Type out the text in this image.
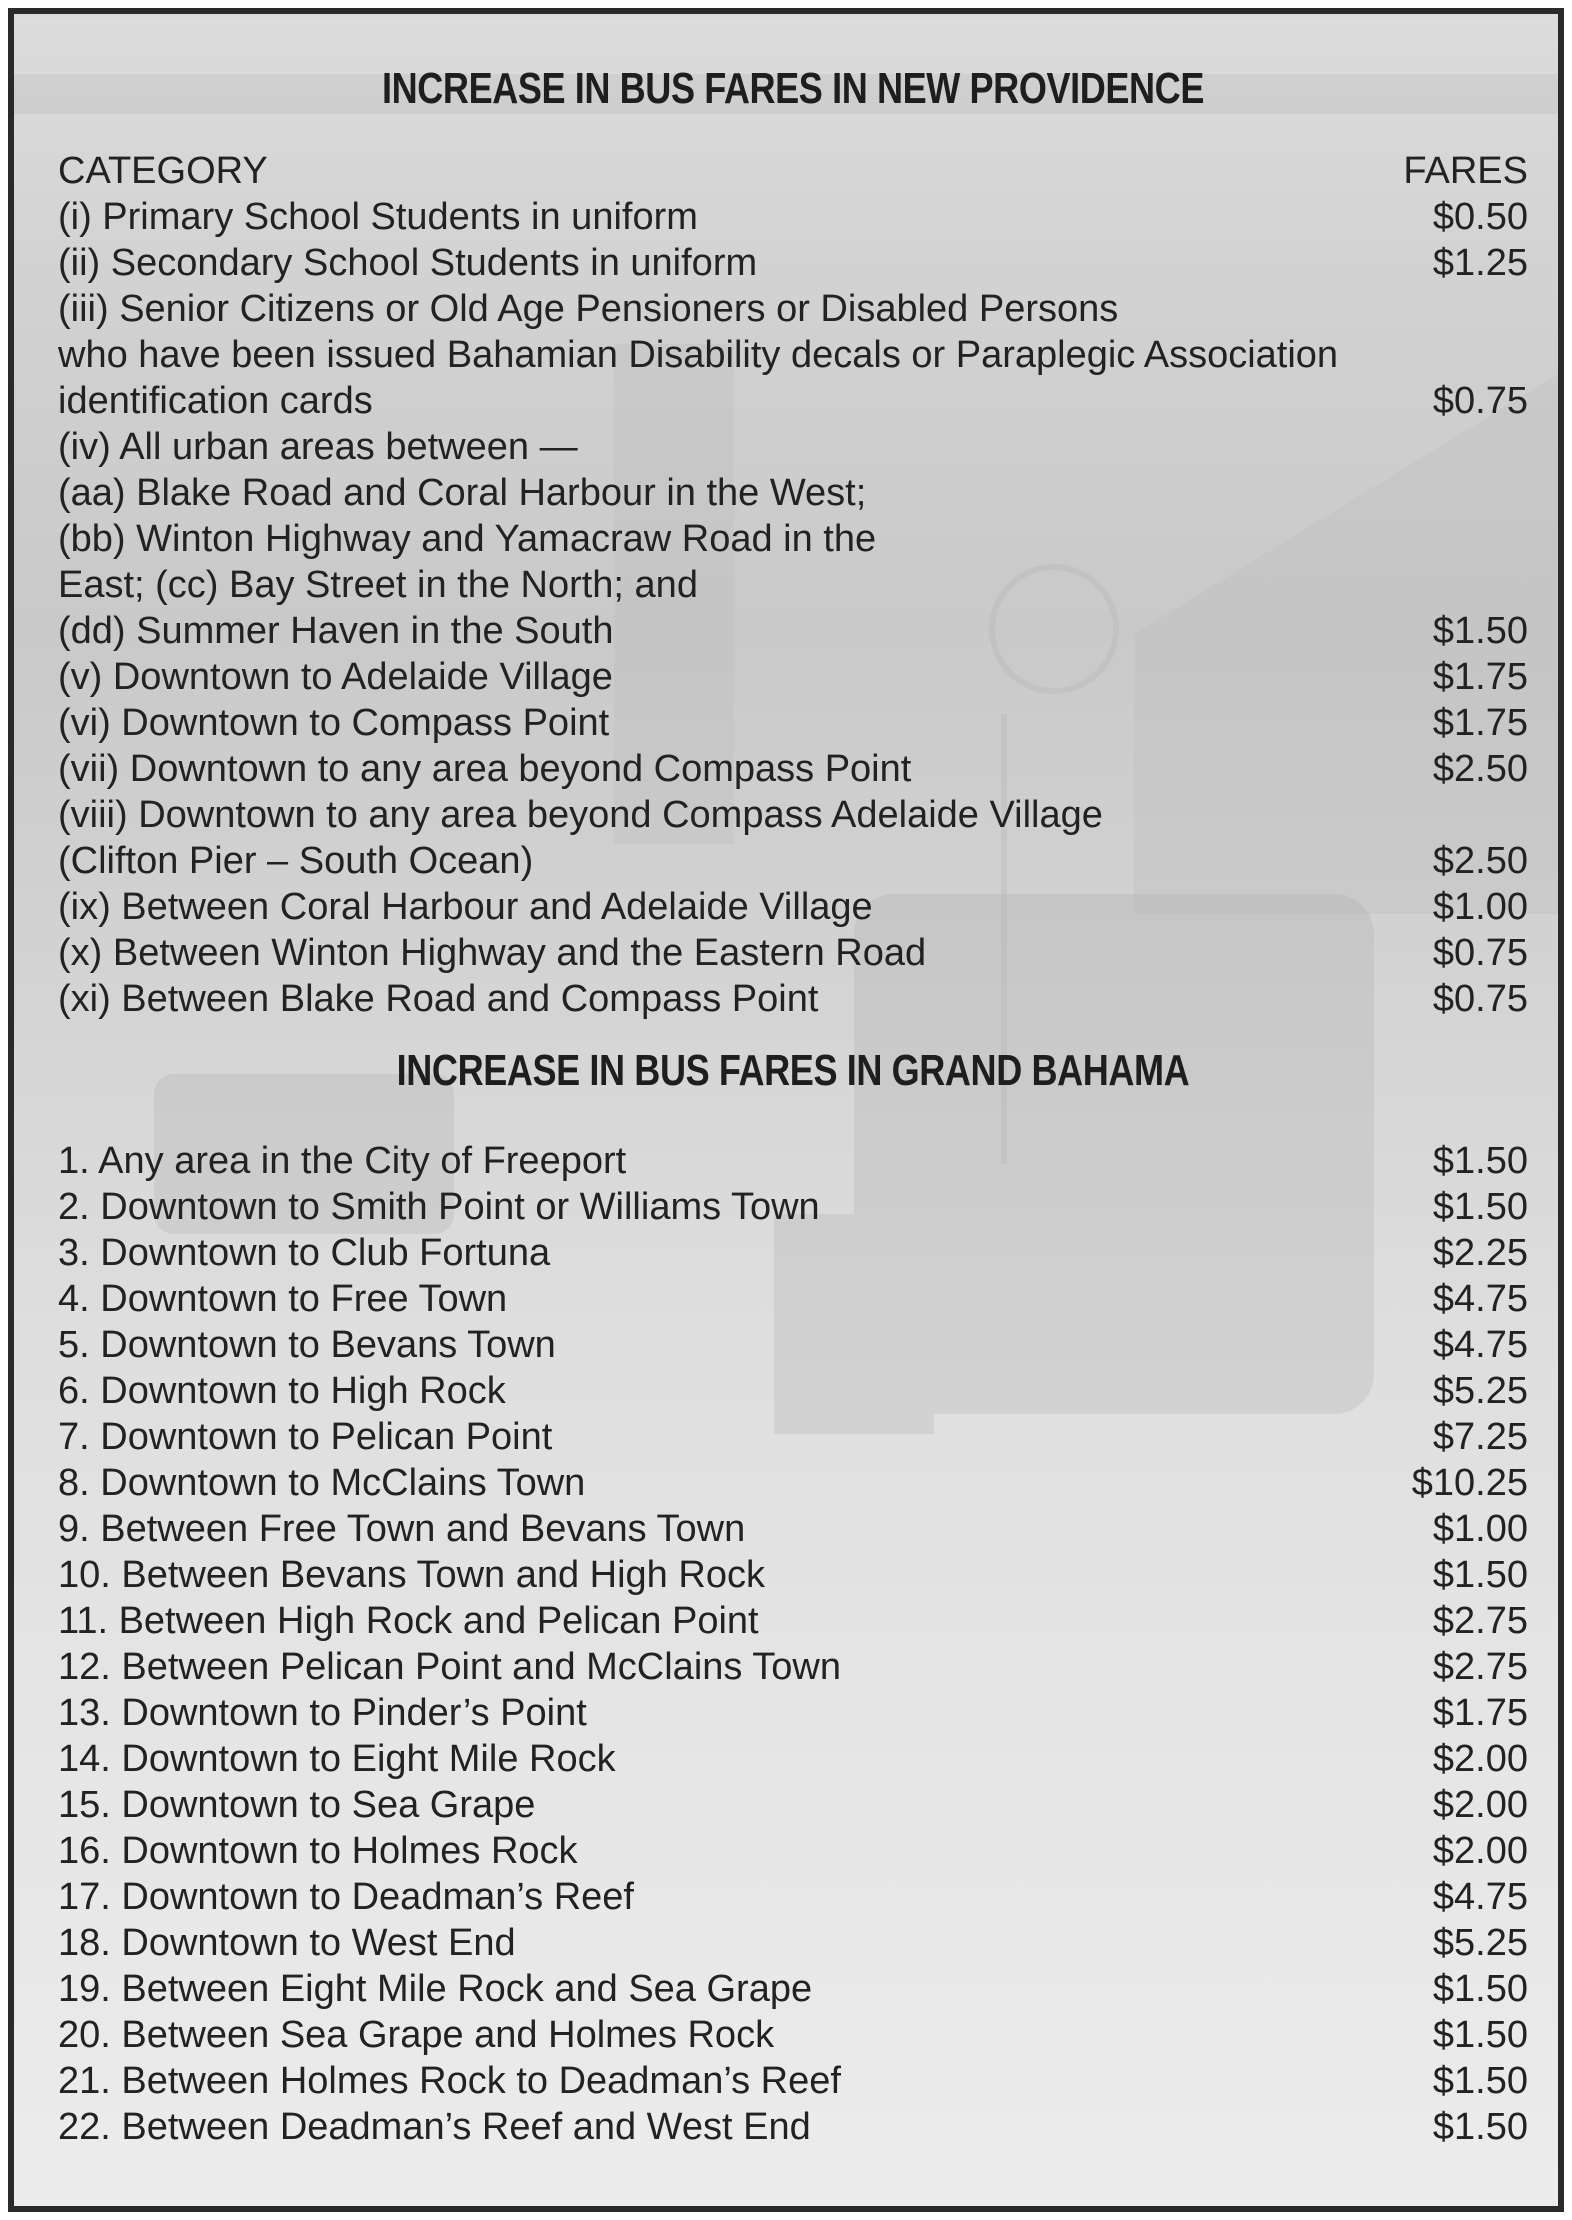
INCREASE IN BUS FARES IN NEW PROVIDENCE
CATEGORY	FARES
(i) Primary School Students in uniform	$0.50
(ii) Secondary School Students in uniform	$1.25
(iii) Senior Citizens or Old Age Pensioners or Disabled Persons
who have been issued Bahamian Disability decals or Paraplegic Association
identification cards	$0.75
(iv) All urban areas between —
(aa) Blake Road and Coral Harbour in the West;
(bb) Winton Highway and Yamacraw Road in the
East; (cc) Bay Street in the North; and
(dd) Summer Haven in the South	$1.50
(v) Downtown to Adelaide Village	$1.75
(vi) Downtown to Compass Point	$1.75
(vii) Downtown to any area beyond Compass Point	$2.50
(viii) Downtown to any area beyond Compass Adelaide Village
(Clifton Pier – South Ocean)	$2.50
(ix) Between Coral Harbour and Adelaide Village	$1.00
(x) Between Winton Highway and the Eastern Road	$0.75
(xi) Between Blake Road and Compass Point	$0.75
INCREASE IN BUS FARES IN GRAND BAHAMA
1. Any area in the City of Freeport	$1.50
2. Downtown to Smith Point or Williams Town	$1.50
3. Downtown to Club Fortuna	$2.25
4. Downtown to Free Town	$4.75
5. Downtown to Bevans Town	$4.75
6. Downtown to High Rock	$5.25
7. Downtown to Pelican Point	$7.25
8. Downtown to McClains Town	$10.25
9. Between Free Town and Bevans Town	$1.00
10. Between Bevans Town and High Rock	$1.50
11. Between High Rock and Pelican Point	$2.75
12. Between Pelican Point and McClains Town	$2.75
13. Downtown to Pinder’s Point	$1.75
14. Downtown to Eight Mile Rock	$2.00
15. Downtown to Sea Grape	$2.00
16. Downtown to Holmes Rock	$2.00
17. Downtown to Deadman’s Reef	$4.75
18. Downtown to West End	$5.25
19. Between Eight Mile Rock and Sea Grape	$1.50
20. Between Sea Grape and Holmes Rock	$1.50
21. Between Holmes Rock to Deadman’s Reef	$1.50
22. Between Deadman’s Reef and West End	$1.50
